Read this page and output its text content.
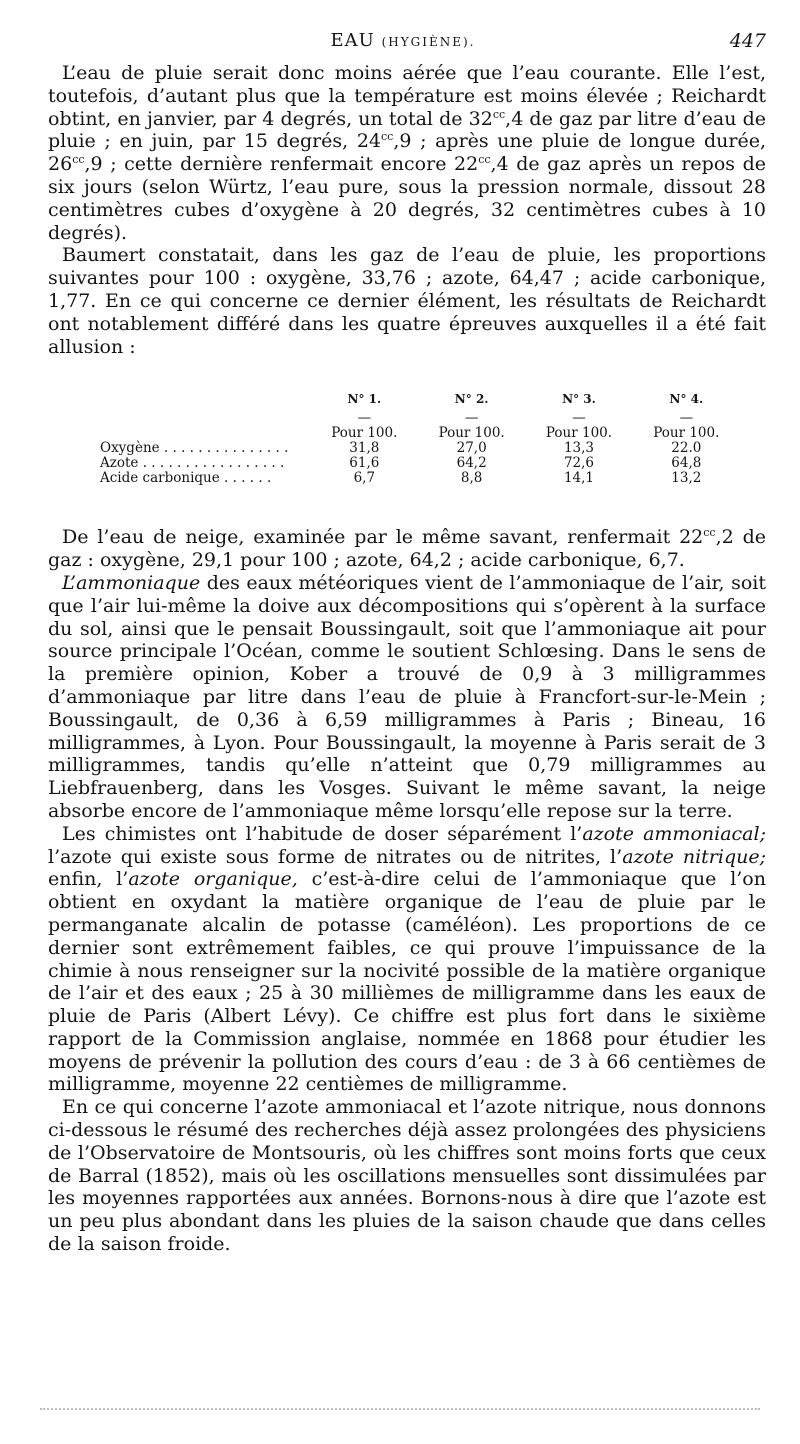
EAU (HYGIÈNE).	447

L’eau de pluie serait donc moins aérée que l’eau courante. Elle l’est, toutefois, d’autant plus que la température est moins élevée ; Reichardt obtint, en janvier, par 4 degrés, un total de $32^{cc},4$ de gaz par litre d’eau de pluie ; en juin, par 15 degrés, $24^{cc},9$ ; après une pluie de longue durée, $26^{cc},9$ ; cette dernière renfermait encore $22^{cc},4$ de gaz après un repos de six jours (selon Würtz, l’eau pure, sous la pression normale, dissout 28 centimètres cubes d’oxygène à 20 degrés, 32 centimètres cubes à 10 degrés).

Baumert constatait, dans les gaz de l’eau de pluie, les proportions suivantes pour 100 : oxygène, 33,76 ; azote, 64,47 ; acide carbonique, 1,77. En ce qui concerne ce dernier élément, les résultats de Reichardt ont notablement différé dans les quatre épreuves auxquelles il a été fait allusion :

	N° 1.	N° 2.	N° 3.	N° 4.
	—	—	—	—
	Pour 100.	Pour 100.	Pour 100.	Pour 100.
Oxygène . . . . . . . . . . . . . . .	31,8	27,0	13,3	22.0
Azote . . . . . . . . . . . . . . . . .	61,6	64,2	72,6	64,8
Acide carbonique . . . . . .	6,7	8,8	14,1	13,2

De l’eau de neige, examinée par le même savant, renfermait $22^{cc},2$ de gaz : oxygène, 29,1 pour 100 ; azote, 64,2 ; acide carbonique, 6,7.

L’ammoniaque des eaux météoriques vient de l’ammoniaque de l’air, soit que l’air lui-même la doive aux décompositions qui s’opèrent à la surface du sol, ainsi que le pensait Boussingault, soit que l’ammoniaque ait pour source principale l’Océan, comme le soutient Schlœsing. Dans le sens de la première opinion, Kober a trouvé de 0,9 à 3 milligrammes d’ammoniaque par litre dans l’eau de pluie à Francfort-sur-le-Mein ; Boussingault, de 0,36 à 6,59 milligrammes à Paris ; Bineau, 16 milligrammes, à Lyon. Pour Boussingault, la moyenne à Paris serait de 3 milligrammes, tandis qu’elle n’atteint que 0,79 milligrammes au Liebfrauenberg, dans les Vosges. Suivant le même savant, la neige absorbe encore de l’ammoniaque même lorsqu’elle repose sur la terre.

Les chimistes ont l’habitude de doser séparément l’azote ammoniacal; l’azote qui existe sous forme de nitrates ou de nitrites, l’azote nitrique; enfin, l’azote organique, c’est-à-dire celui de l’ammoniaque que l’on obtient en oxydant la matière organique de l’eau de pluie par le permanganate alcalin de potasse (caméléon). Les proportions de ce dernier sont extrêmement faibles, ce qui prouve l’impuissance de la chimie à nous renseigner sur la nocivité possible de la matière organique de l’air et des eaux ; 25 à 30 millièmes de milligramme dans les eaux de pluie de Paris (Albert Lévy). Ce chiffre est plus fort dans le sixième rapport de la Commission anglaise, nommée en 1868 pour étudier les moyens de prévenir la pollution des cours d’eau : de 3 à 66 centièmes de milligramme, moyenne 22 centièmes de milligramme.

En ce qui concerne l’azote ammoniacal et l’azote nitrique, nous donnons ci-dessous le résumé des recherches déjà assez prolongées des physiciens de l’Observatoire de Montsouris, où les chiffres sont moins forts que ceux de Barral (1852), mais où les oscillations mensuelles sont dissimulées par les moyennes rapportées aux années. Bornons-nous à dire que l’azote est un peu plus abondant dans les pluies de la saison chaude que dans celles de la saison froide.
